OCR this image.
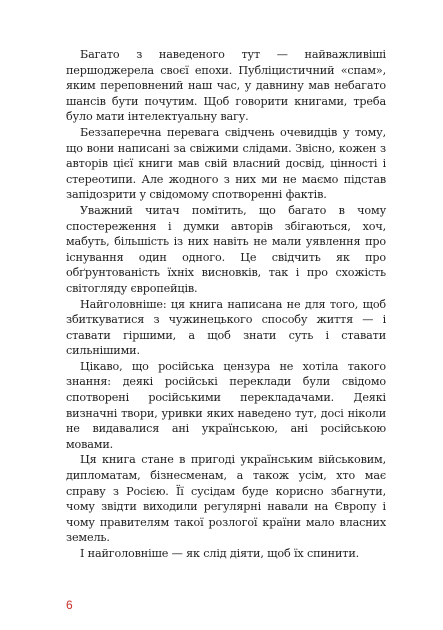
Багато з наведеного тут — найважливіші першоджерела своєї епохи. Публіцистичний «спам», яким переповнений наш час, у давнину мав небагато шансів бути почутим. Щоб говорити книгами, треба було мати інтелектуальну вагу.

Беззаперечна перевага свідчень очевидців у тому, що вони написані за свіжими слідами. Звісно, кожен з авторів цієї книги мав свій власний досвід, цінності і стереотипи. Але жодного з них ми не маємо підстав запідозрити у свідомому спотворенні фактів.

Уважний читач помітить, що багато в чому спостереження і думки авторів збігаються, хоч, мабуть, більшість із них навіть не мали уявлення про існування один одного. Це свідчить як про обґрунтованість їхніх висновків, так і про схожість світогляду європейців.

Найголовніше: ця книга написана не для того, щоб збиткуватися з чужинецького способу життя — і ставати гіршими, а щоб знати суть і ставати сильнішими.

Цікаво, що російська цензура не хотіла такого знання: деякі російські переклади були свідомо спотворені російськими перекладачами. Деякі визначні твори, уривки яких наведено тут, досі ніколи не видавалися ані українською, ані російською мовами.

Ця книга стане в пригоді українським військовим, дипломатам, бізнесменам, а також усім, хто має справу з Росією. Її сусідам буде корисно збагнути, чому звідти виходили регулярні навали на Європу і чому правителям такої розлогої країни мало власних земель.

І найголовніше — як слід діяти, щоб їх спинити.

6
